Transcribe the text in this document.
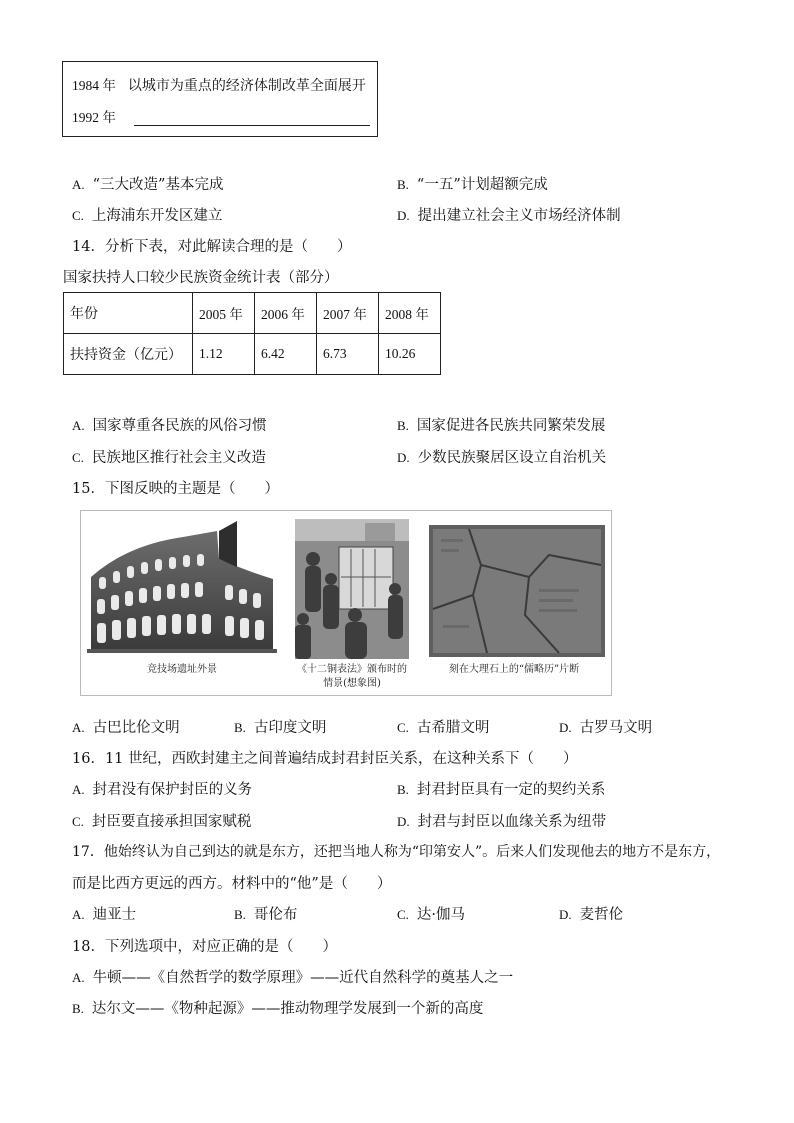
1984 年 以城市为重点的经济体制改革全面展开
1992 年
A. “三大改造”基本完成	B. “一五”计划超额完成
C. 上海浦东开发区建立	D. 提出建立社会主义市场经济体制
14．分析下表，对此解读合理的是（　　）
国家扶持人口较少民族资金统计表（部分）
年份	2005 年	2006 年	2007 年	2008 年
扶持资金（亿元）	1.12	6.42	6.73	10.26
A. 国家尊重各民族的风俗习惯	B. 国家促进各民族共同繁荣发展
C. 民族地区推行社会主义改造	D. 少数民族聚居区设立自治机关
15．下图反映的主题是（　　）
竞技场遗址外景	《十二铜表法》颁布时的
情景(想象图)
刻在大理石上的“儒略历”片断
A. 古巴比伦文明	B. 古印度文明	C. 古希腊文明	D. 古罗马文明
16．11 世纪，西欧封建主之间普遍结成封君封臣关系，在这种关系下（　　）
A. 封君没有保护封臣的义务	B. 封君封臣具有一定的契约关系
C. 封臣要直接承担国家赋税	D. 封君与封臣以血缘关系为纽带
17．他始终认为自己到达的就是东方，还把当地人称为“印第安人”。后来人们发现他去的地方不是东方，
而是比西方更远的西方。材料中的“他”是（　　）
A. 迪亚士	B. 哥伦布	C. 达·伽马	D. 麦哲伦
18．下列选项中，对应正确的是（　　）
A. 牛顿——《自然哲学的数学原理》——近代自然科学的奠基人之一
B. 达尔文——《物种起源》——推动物理学发展到一个新的高度
